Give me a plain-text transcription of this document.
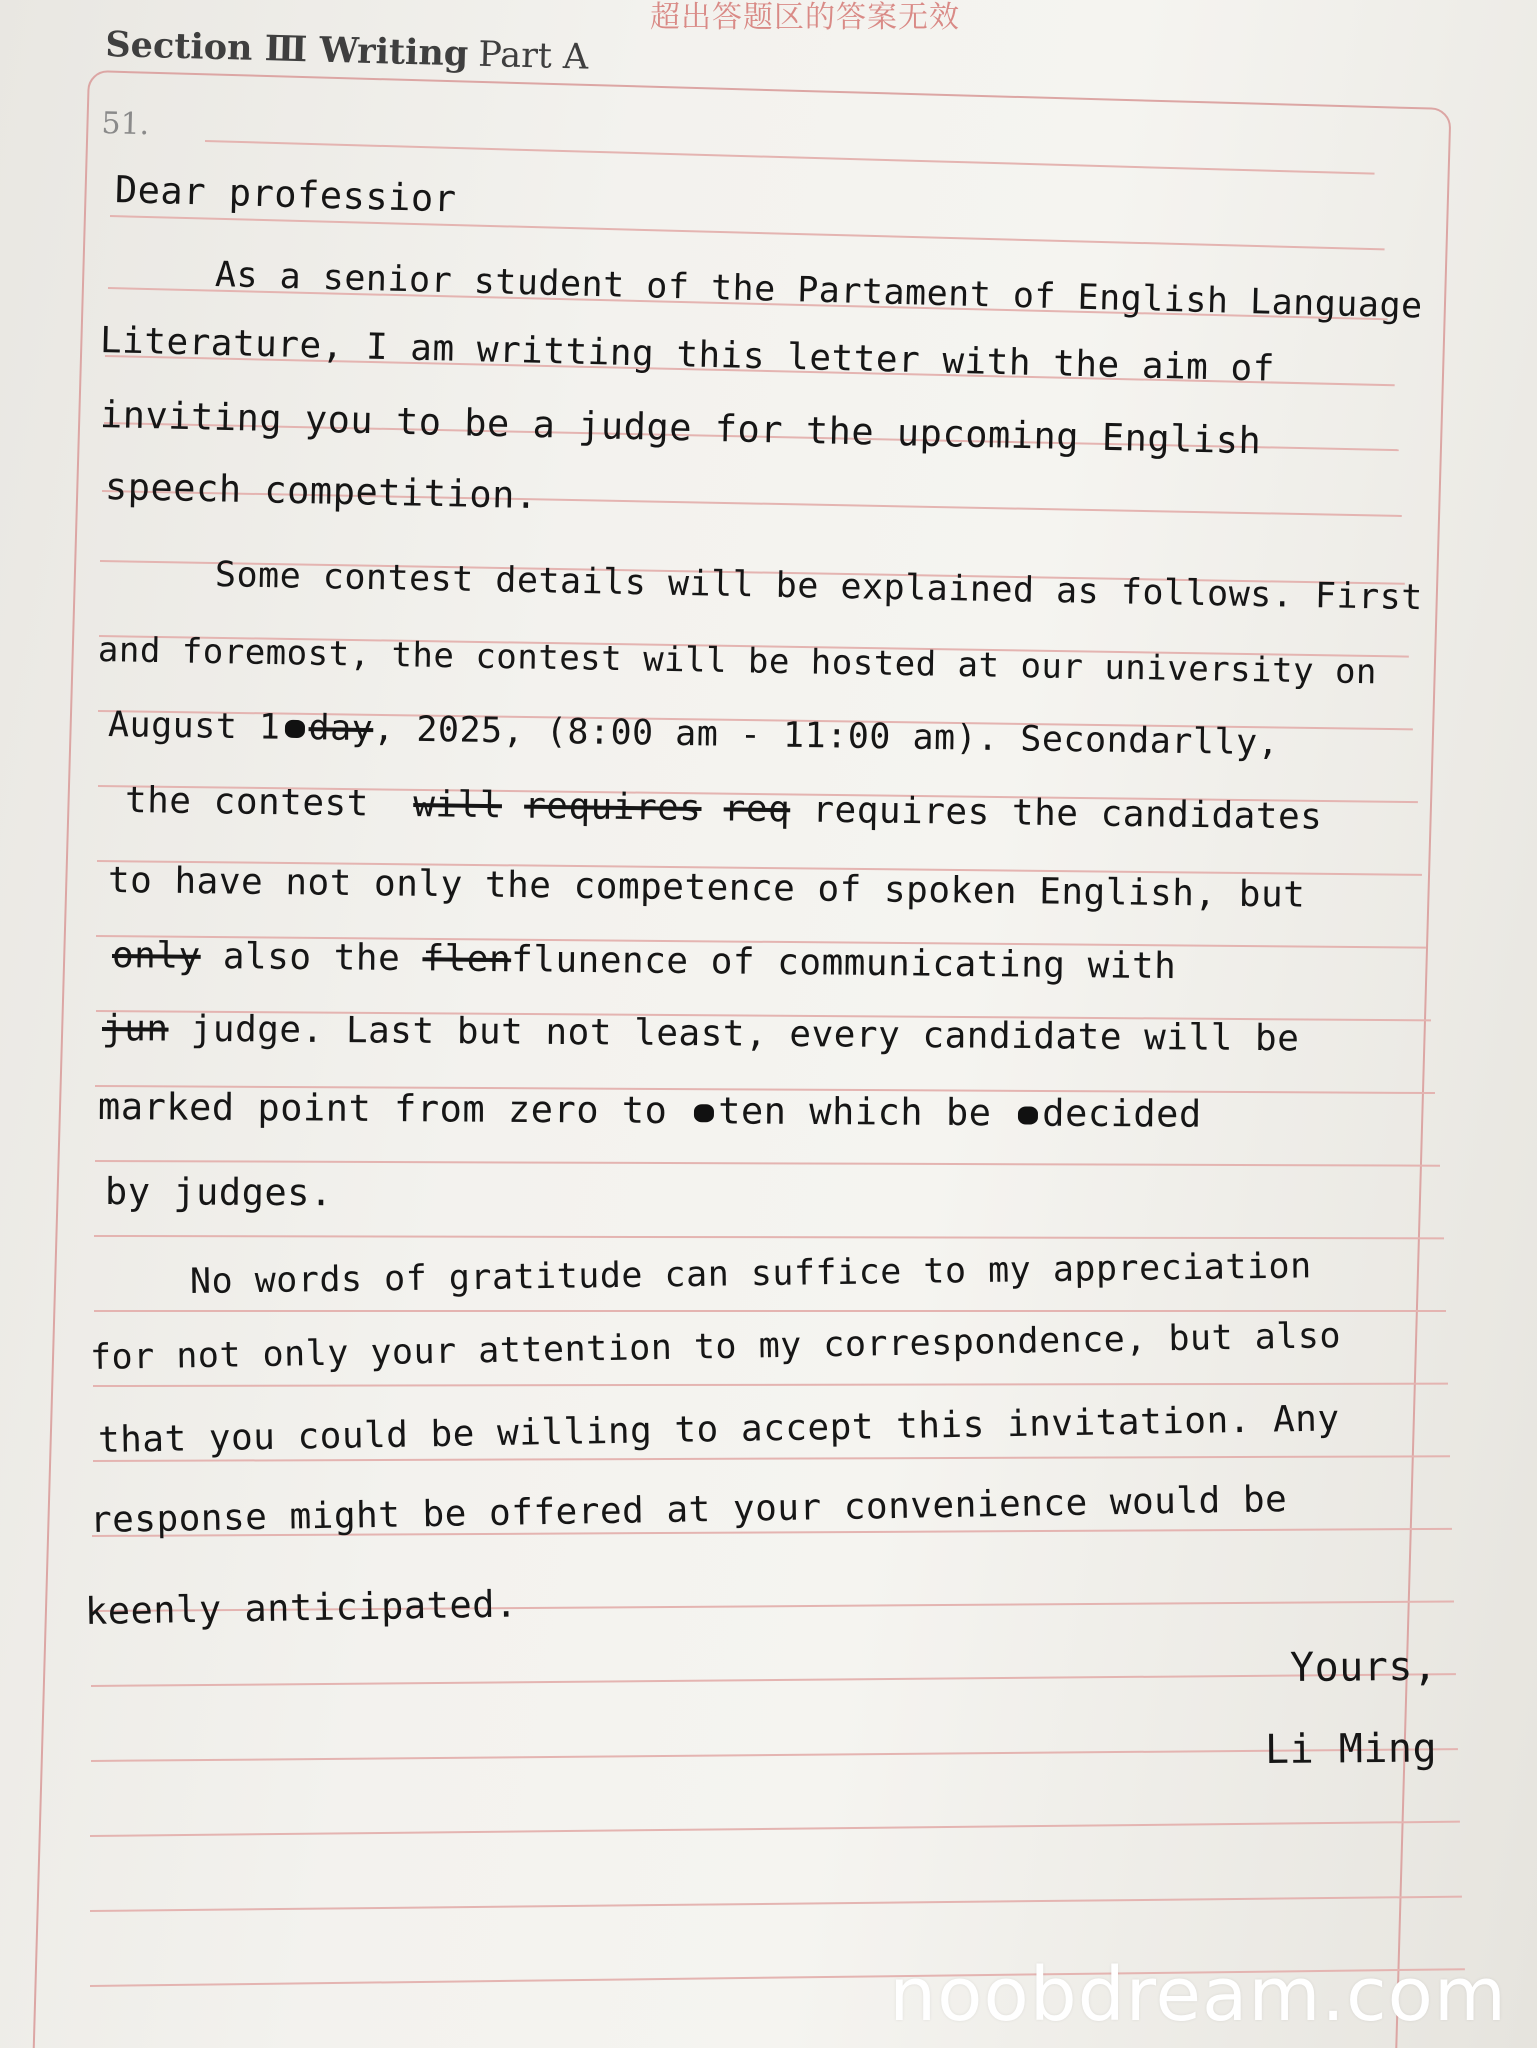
超出答题区的答案无效
Section Ⅲ Writing Part A
51.
Dear professior
As a senior student of the Partament of English Language
Literature, I am writting this letter with the aim of
inviting you to be a judge for the upcoming English
speech competition.
Some contest details will be explained as follows. First
and foremost, the contest will be hosted at our university on
August 1 day, 2025, (8:00 am - 11:00 am). Secondarlly,
the contest will requires req requires the candidates
to have not only the competence of spoken English, but
only also the flenflunence of communicating with
jun judge. Last but not least, every candidate will be
marked point from zero to ten which be decided
by judges.
No words of gratitude can suffice to my appreciation
for not only your attention to my correspondence, but also
that you could be willing to accept this invitation. Any
response might be offered at your convenience would be
keenly anticipated.
Yours,
Li Ming
noobdream.com
